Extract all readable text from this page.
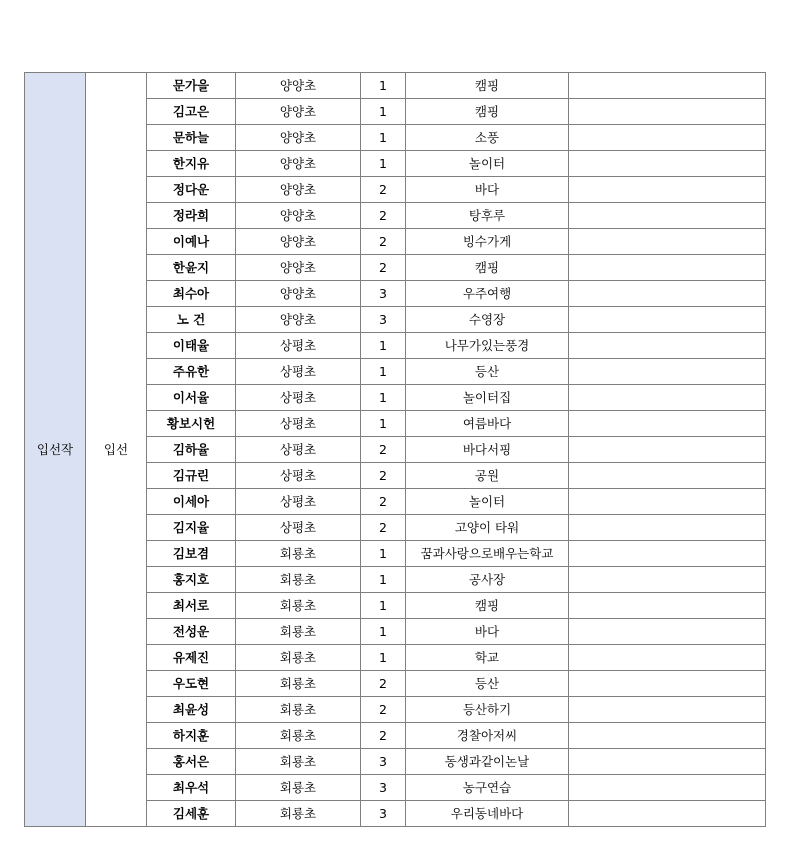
입선작	입선	문가을	양양초	1	캠핑	
		김고은	양양초	1	캠핑	
		문하늘	양양초	1	소풍	
		한지유	양양초	1	놀이터	
		정다운	양양초	2	바다	
		정라희	양양초	2	탕후루	
		이예나	양양초	2	빙수가게	
		한윤지	양양초	2	캠핑	
		최수아	양양초	3	우주여행	
		노 건	양양초	3	수영장	
		이태율	상평초	1	나무가있는풍경	
		주유한	상평초	1	등산	
		이서율	상평초	1	놀이터집	
		황보시헌	상평초	1	여름바다	
		김하율	상평초	2	바다서핑	
		김규린	상평초	2	공원	
		이세아	상평초	2	놀이터	
		김지율	상평초	2	고양이 타워	
		김보겸	회룡초	1	꿈과사랑으로배우는학교	
		홍지호	회룡초	1	공사장	
		최서로	회룡초	1	캠핑	
		전성운	회룡초	1	바다	
		유제진	회룡초	1	학교	
		우도현	회룡초	2	등산	
		최윤성	회룡초	2	등산하기	
		하지훈	회룡초	2	경찰아저씨	
		홍서은	회룡초	3	동생과같이논날	
		최우석	회룡초	3	농구연습	
		김세훈	회룡초	3	우리동네바다	
